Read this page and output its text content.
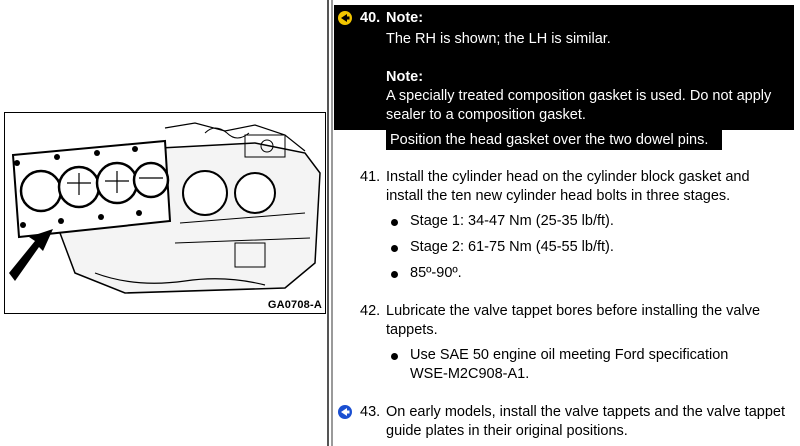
GA0708-A
40. Note:
The RH is shown; the LH is similar.
Note:
A specially treated composition gasket is used. Do not apply
sealer to a composition gasket.
Position the head gasket over the two dowel pins.
41. Install the cylinder head on the cylinder block gasket and
install the ten new cylinder head bolts in three stages.
Stage 1: 34-47 Nm (25-35 lb/ft).
Stage 2: 61-75 Nm (45-55 lb/ft).
85º-90º.
42. Lubricate the valve tappet bores before installing the valve
tappets.
Use SAE 50 engine oil meeting Ford specification
WSE-M2C908-A1.
43. On early models, install the valve tappets and the valve tappet
guide plates in their original positions.
